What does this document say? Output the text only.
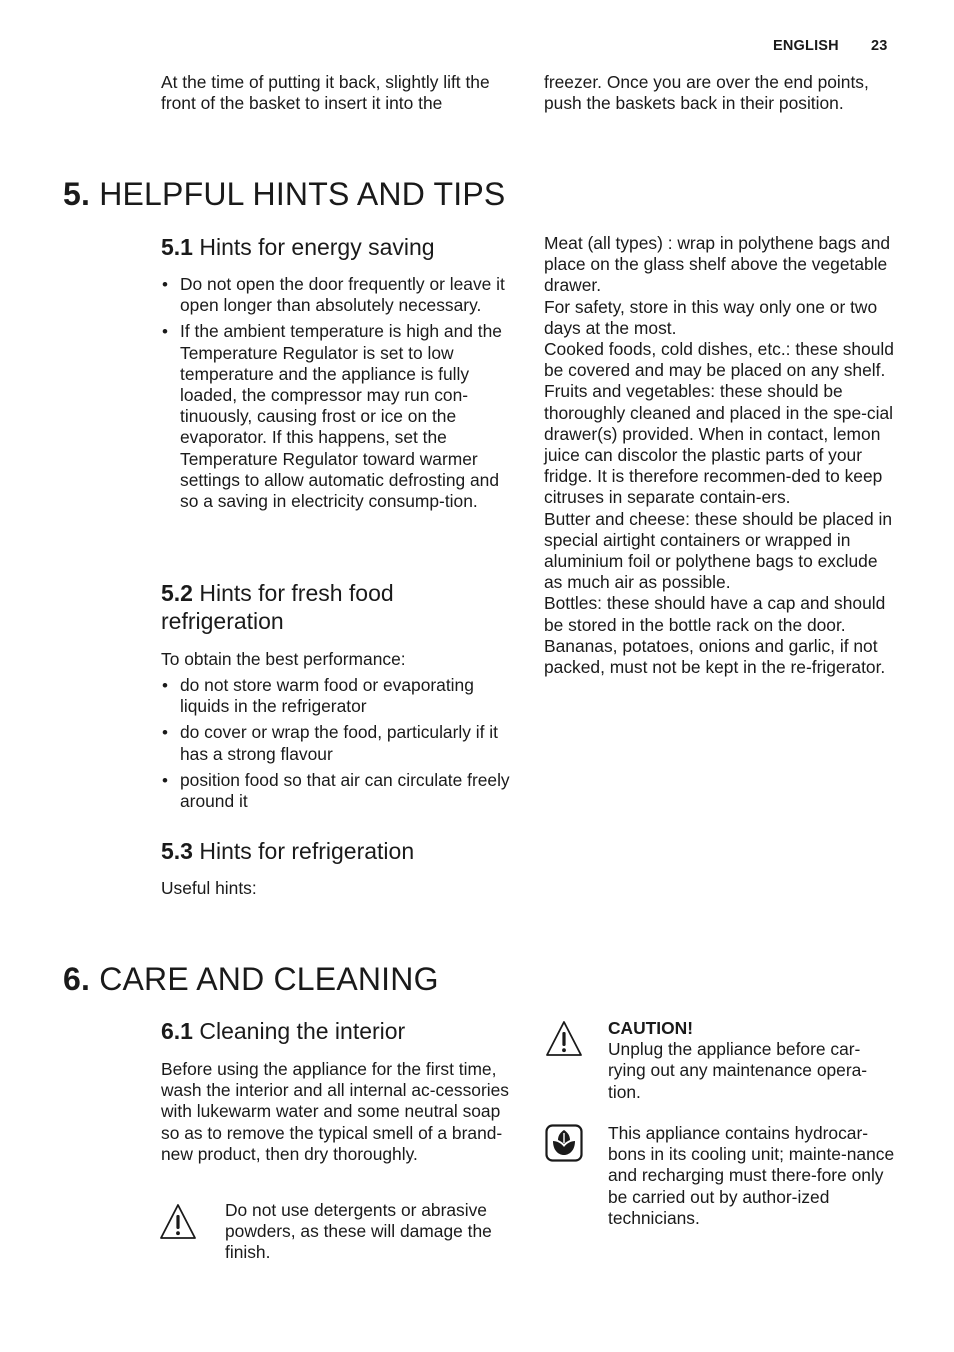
ENGLISH 23
At the time of putting it back, slightly lift the front of the basket to insert it into the
freezer. Once you are over the end points, push the baskets back in their position.
5. HELPFUL HINTS AND TIPS
5.1 Hints for energy saving
• Do not open the door frequently or leave it open longer than absolutely necessary.
• If the ambient temperature is high and the Temperature Regulator is set to low temperature and the appliance is fully loaded, the compressor may run con-tinuously, causing frost or ice on the evaporator. If this happens, set the Temperature Regulator toward warmer settings to allow automatic defrosting and so a saving in electricity consump-tion.
5.2 Hints for fresh food refrigeration
To obtain the best performance:
• do not store warm food or evaporating liquids in the refrigerator
• do cover or wrap the food, particularly if it has a strong flavour
• position food so that air can circulate freely around it
5.3 Hints for refrigeration
Useful hints:

Meat (all types) : wrap in polythene bags and place on the glass shelf above the vegetable drawer.

For safety, store in this way only one or two days at the most.

Cooked foods, cold dishes, etc.: these should be covered and may be placed on any shelf.

Fruits and vegetables: these should be thoroughly cleaned and placed in the spe-cial drawer(s) provided. When in contact, lemon juice can discolor the plastic parts of your fridge. It is therefore recommen-ded to keep citruses in separate contain-ers.

Butter and cheese: these should be placed in special airtight containers or wrapped in aluminium foil or polythene bags to exclude as much air as possible.

Bottles: these should have a cap and should be stored in the bottle rack on the door.

Bananas, potatoes, onions and garlic, if not packed, must not be kept in the re-frigerator.

6. CARE AND CLEANING
6.1 Cleaning the interior
Before using the appliance for the first time, wash the interior and all internal ac-cessories with lukewarm water and some neutral soap so as to remove the typical smell of a brand-new product, then dry thoroughly.
Do not use detergents or abrasive powders, as these will damage the finish.
CAUTION!
Unplug the appliance before car-rying out any maintenance opera-tion.
This appliance contains hydrocar-bons in its cooling unit; mainte-nance and recharging must there-fore only be carried out by author-ized technicians.
